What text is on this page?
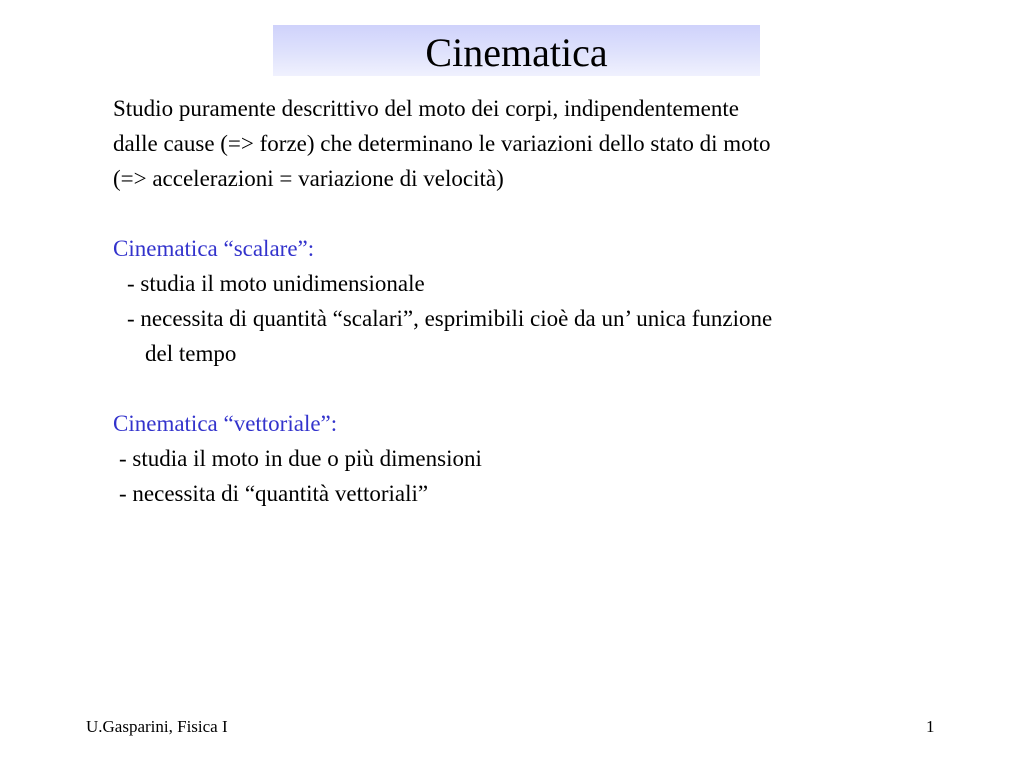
Cinematica
Studio puramente descrittivo del moto dei corpi, indipendentemente
dalle cause (=> forze) che determinano le variazioni dello stato di moto
(=> accelerazioni = variazione di velocità)
Cinematica “scalare”:
- studia il moto unidimensionale
- necessita di quantità “scalari”, esprimibili cioè da un’ unica funzione
del tempo
Cinematica “vettoriale”:
- studia il moto in due o più dimensioni
- necessita di “quantità vettoriali”
U.Gasparini, Fisica I	1
